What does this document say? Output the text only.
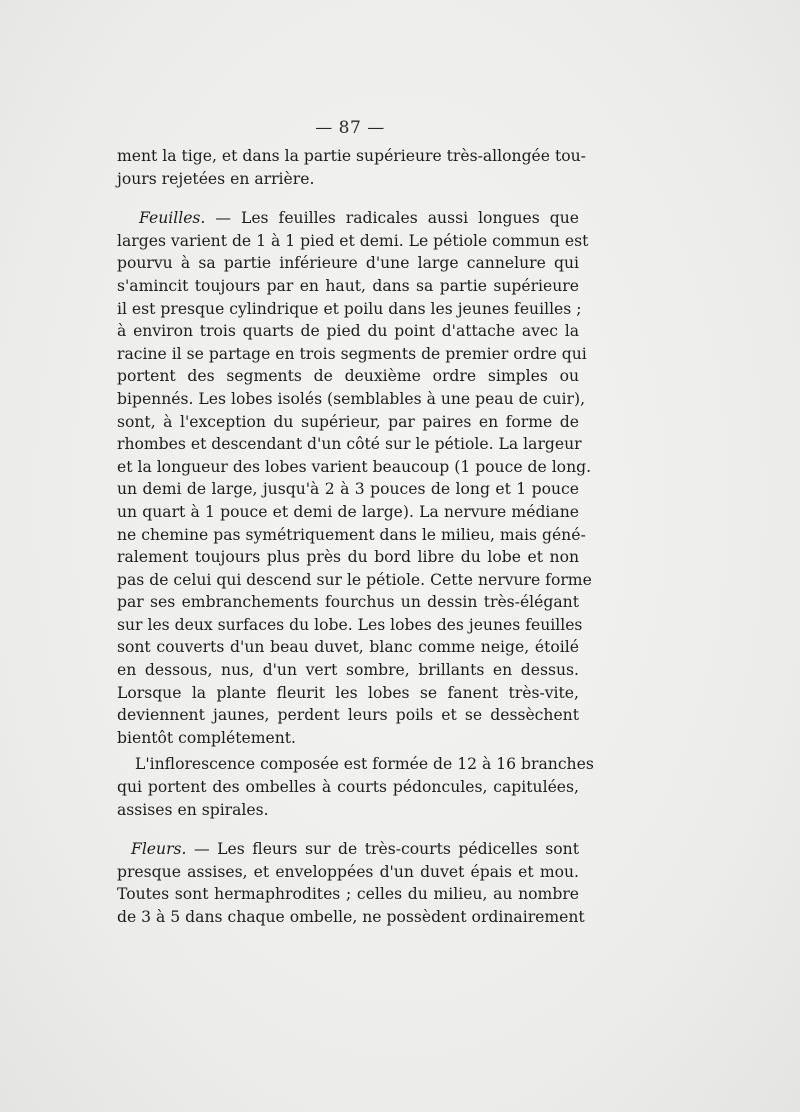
— 87 —

ment la tige, et dans la partie supérieure très-allongée tou-
jours rejetées en arrière.

Feuilles. — Les feuilles radicales aussi longues que
larges varient de 1 à 1 pied et demi. Le pétiole commun est
pourvu à sa partie inférieure d'une large cannelure qui
s'amincit toujours par en haut, dans sa partie supérieure
il est presque cylindrique et poilu dans les jeunes feuilles ;
à environ trois quarts de pied du point d'attache avec la
racine il se partage en trois segments de premier ordre qui
portent des segments de deuxième ordre simples ou
bipennés. Les lobes isolés (semblables à une peau de cuir),
sont, à l'exception du supérieur, par paires en forme de
rhombes et descendant d'un côté sur le pétiole. La largeur
et la longueur des lobes varient beaucoup (1 pouce de long.
un demi de large, jusqu'à 2 à 3 pouces de long et 1 pouce
un quart à 1 pouce et demi de large). La nervure médiane
ne chemine pas symétriquement dans le milieu, mais géné-
ralement toujours plus près du bord libre du lobe et non
pas de celui qui descend sur le pétiole. Cette nervure forme
par ses embranchements fourchus un dessin très-élégant
sur les deux surfaces du lobe. Les lobes des jeunes feuilles
sont couverts d'un beau duvet, blanc comme neige, étoilé
en dessous, nus, d'un vert sombre, brillants en dessus.
Lorsque la plante fleurit les lobes se fanent très-vite,
deviennent jaunes, perdent leurs poils et se dessèchent
bientôt complétement.

L'inflorescence composée est formée de 12 à 16 branches
qui portent des ombelles à courts pédoncules, capitulées,
assises en spirales.

Fleurs. — Les fleurs sur de très-courts pédicelles sont
presque assises, et enveloppées d'un duvet épais et mou.
Toutes sont hermaphrodites ; celles du milieu, au nombre
de 3 à 5 dans chaque ombelle, ne possèdent ordinairement
